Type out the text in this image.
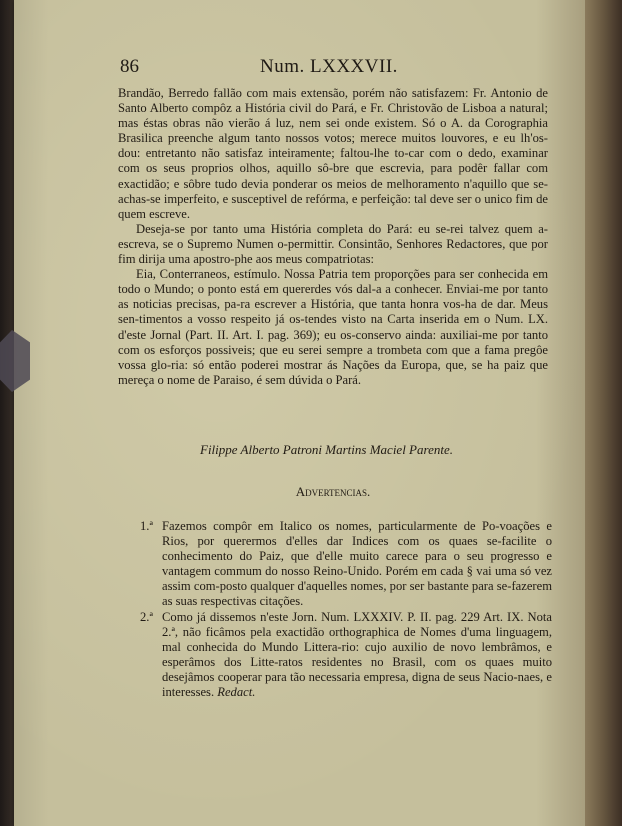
86	Num. LXXXVII.

Brandão, Berredo fallão com mais extensão, porém não satisfazem: Fr. Antonio de Santo Alberto compôz a História civil do Pará, e Fr. Christovão de Lisboa a natural; mas éstas obras não vierão á luz, nem sei onde existem. Só o A. da Corographia Brasilica preenche algum tanto nossos votos; merece muitos louvores, e eu lh'os-dou: entretanto não satisfaz inteiramente; faltou-lhe to-car com o dedo, examinar com os seus proprios olhos, aquillo sô-bre que escrevia, para podêr fallar com exactidão; e sôbre tudo devia ponderar os meios de melhoramento n'aquillo que se-achas-se imperfeito, e susceptivel de refórma, e perfeição: tal deve ser o unico fim de quem escreve.

Deseja-se por tanto uma História completa do Pará: eu se-rei talvez quem a-escreva, se o Supremo Numen o-permittir. Consintão, Senhores Redactores, que por fim dirija uma apostro-phe aos meus compatriotas:

Eia, Conterraneos, estímulo. Nossa Patria tem proporções para ser conhecida em todo o Mundo; o ponto está em quererdes vós dal-a a conhecer. Enviai-me por tanto as noticias precisas, pa-ra escrever a História, que tanta honra vos-ha de dar. Meus sen-timentos a vosso respeito já os-tendes visto na Carta inserida em o Num. LX. d'este Jornal (Part. II. Art. I. pag. 369); eu os-conservo ainda: auxiliai-me por tanto com os esforços possiveis; que eu serei sempre a trombeta com que a fama pregôe vossa glo-ria: só então poderei mostrar ás Nações da Europa, que, se ha paiz que mereça o nome de Paraiso, é sem dúvida o Pará.

Filippe Alberto Patroni Martins Maciel Parente.
Advertencias.
1.ª Fazemos compôr em Italico os nomes, particularmente de Po-voações e Rios, por querermos d'elles dar Indices com os quaes se-facilite o conhecimento do Paiz, que d'elle muito carece para o seu progresso e vantagem commum do nosso Reino-Unido. Porém em cada § vai uma só vez assim com-posto qualquer d'aquelles nomes, por ser bastante para se-fazerem as suas respectivas citações.
2.ª Como já dissemos n'este Jorn. Num. LXXXIV. P. II. pag. 229 Art. IX. Nota 2.ª, não ficâmos pela exactidão orthographica de Nomes d'uma linguagem, mal conhecida do Mundo Littera-rio: cujo auxilio de novo lembrâmos, e esperâmos dos Litte-ratos residentes no Brasil, com os quaes muito desejâmos cooperar para tão necessaria empresa, digna de seus Nacio-naes, e interesses. Redact.
